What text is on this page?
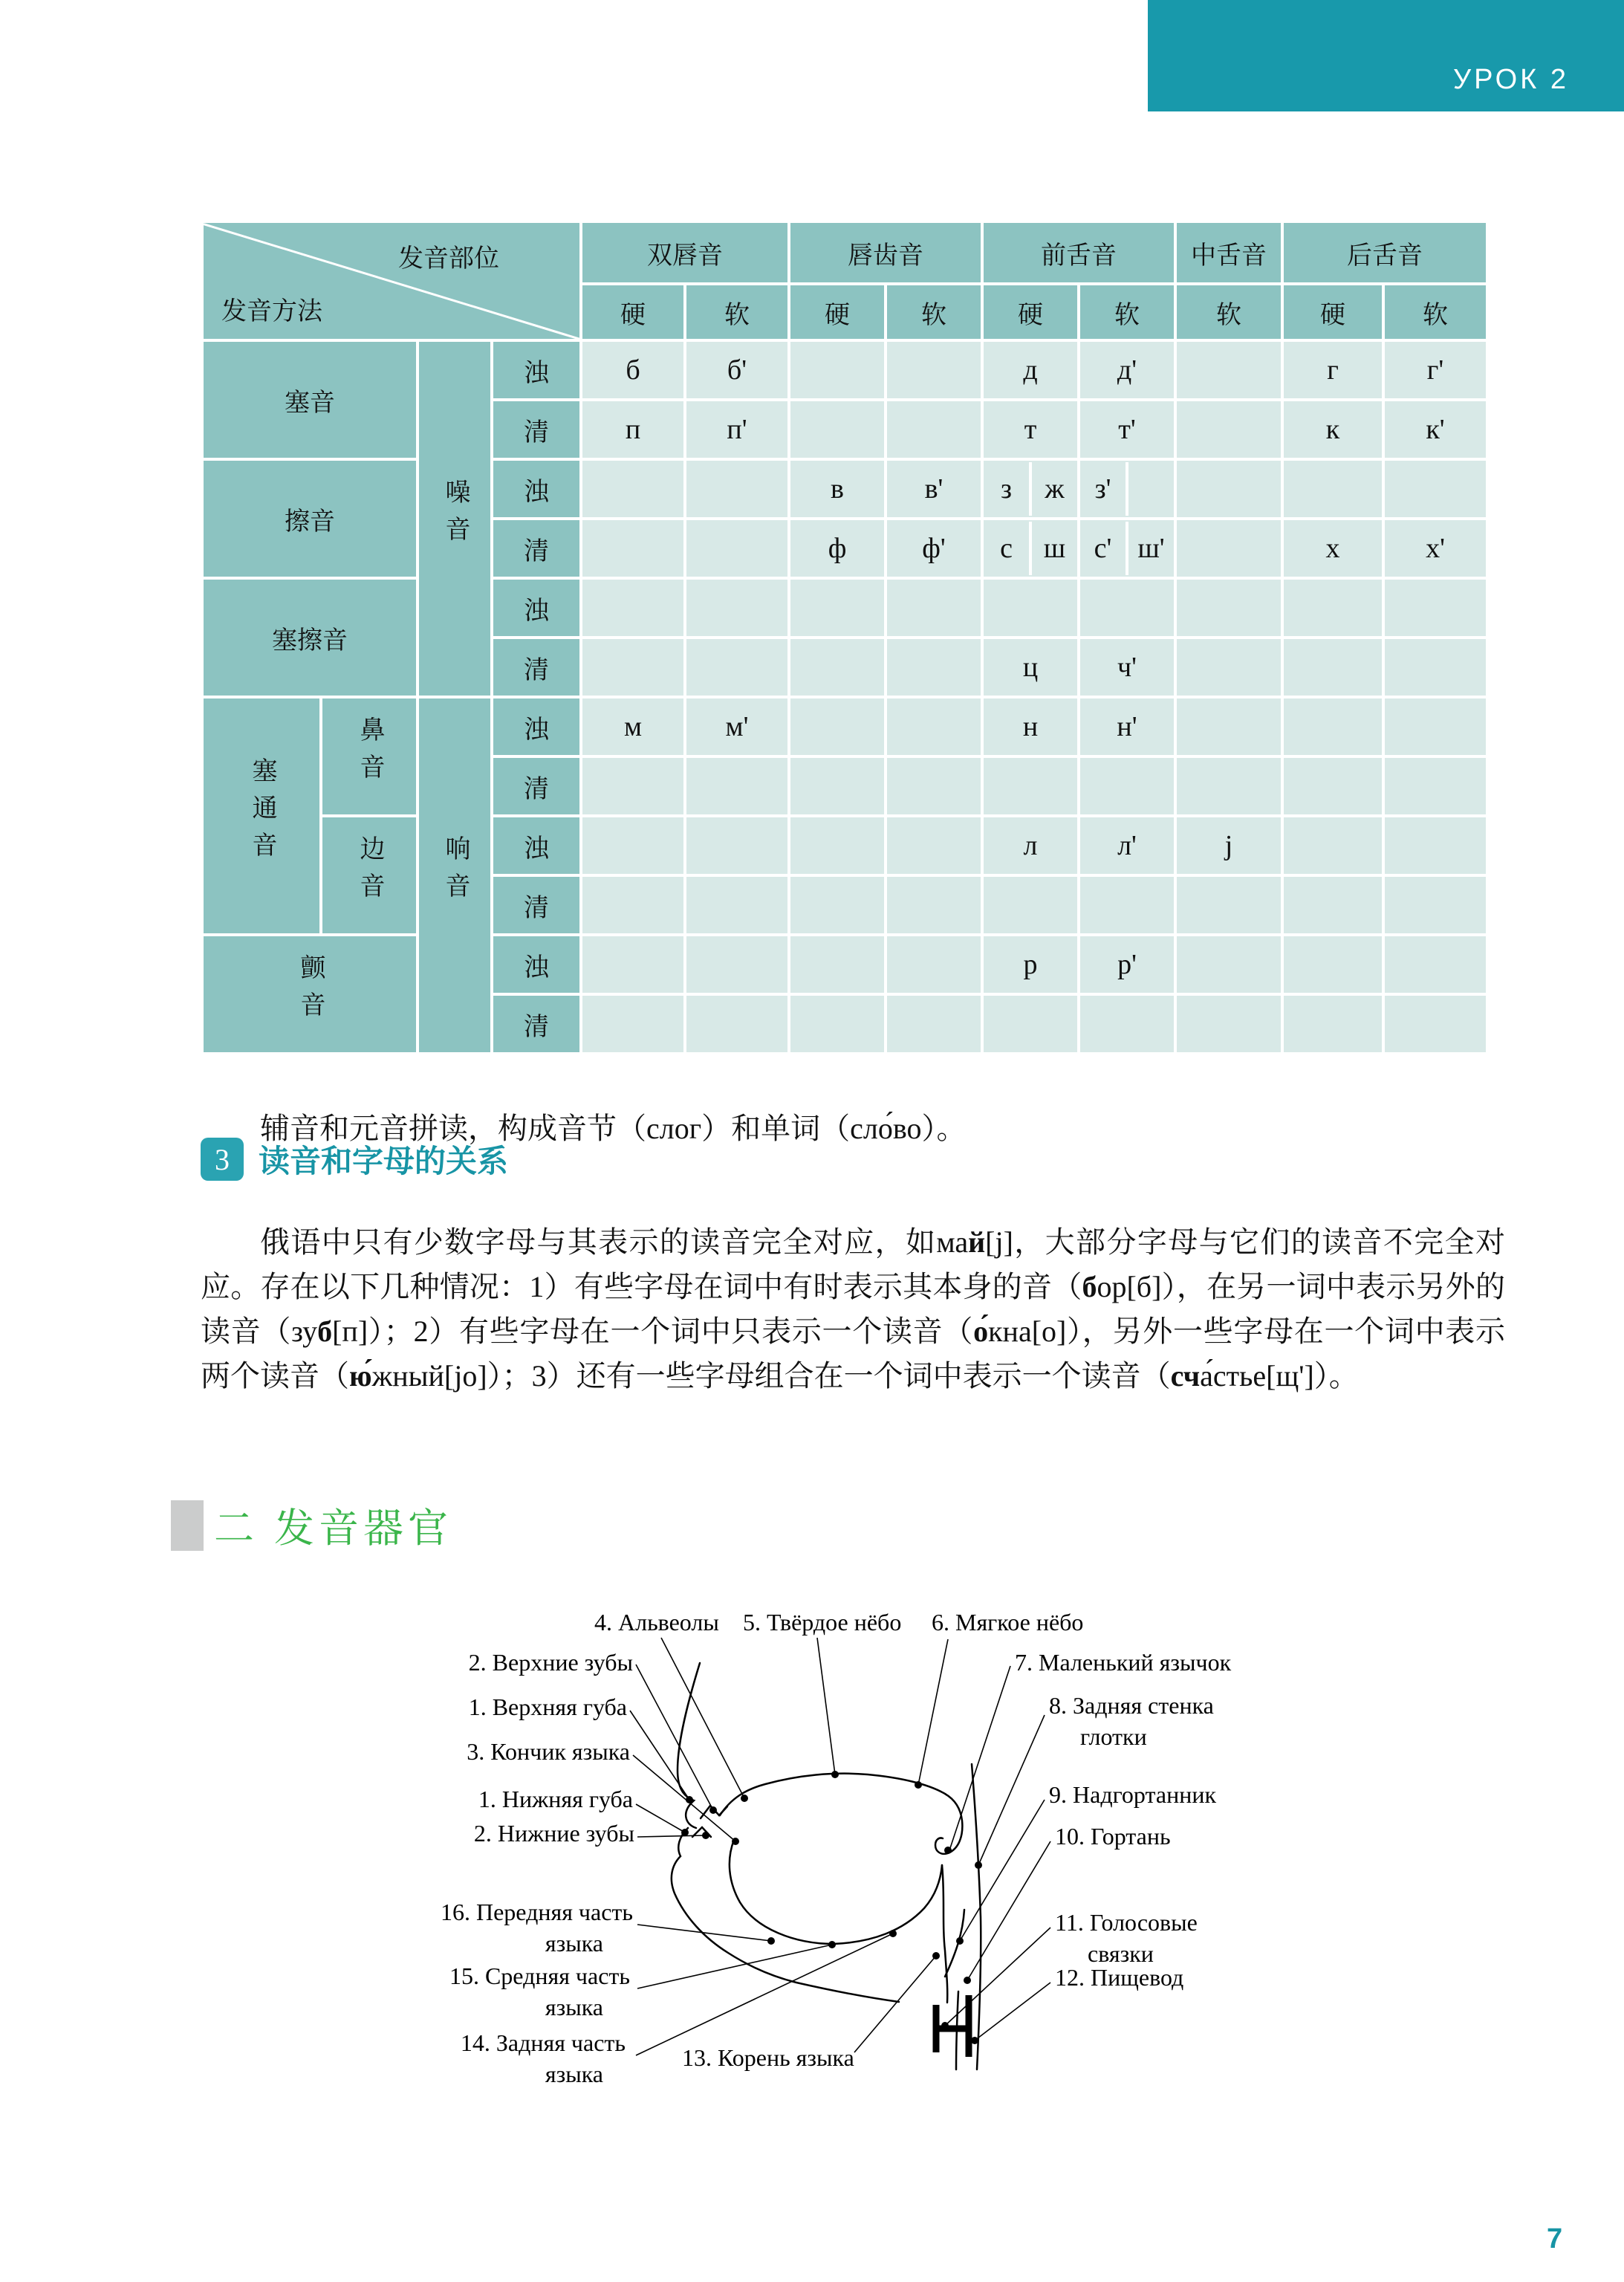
УРОК 2
发音部位
发音方法				双唇音		唇齿音		前舌音		中舌音	后舌音	
				硬	软	硬	软	硬	软	软	硬	软
塞音		噪音	浊	б	б'			д	д'		г	г'
			清	п	п'			т	т'		к	к'
擦音			浊			в	в'	з ж	з'			

			清			ф	ф'	с ш	с' ш'		х	х'
塞擦音			浊									
			清					ц	ч'			
塞通音	鼻音	响音	浊	м	м'			н	н'			
			清									
	边音		浊					л	л'	j		
			清									
颤音			浊					р	р'			
			清									

辅音和元音拼读，构成音节（слог）和单词（сло́во）。

3 读音和字母的关系

俄语中只有少数字母与其表示的读音完全对应，如май[j]，大部分字母与它们的读音不完全对应。存在以下几种情况：1）有些字母在词中有时表示其本身的音（бор[б]），在另一词中表示另外的读音（зуб[п]）；2）有些字母在一个词中只表示一个读音（о́кна[о]），另外一些字母在一个词中表示两个读音（ю́жный[jо]）；3）还有一些字母组合在一个词中表示一个读音（сча́стье[щ']）。

二 发音器官
4. Альвеолы 5. Твёрдое нёбо 6. Мягкое нёбо
2. Верхние зубы
1. Верхняя губа
3. Кончик языка
1. Нижняя губа
2. Нижние зубы
16. Передняя часть
языка
15. Средняя часть
языка
14. Задняя часть
языка
13. Корень языка
7. Маленький язычок
8. Задняя стенка
глотки
9. Надгортанник
10. Гортань
11. Голосовые
связки
12. Пищевод
7
